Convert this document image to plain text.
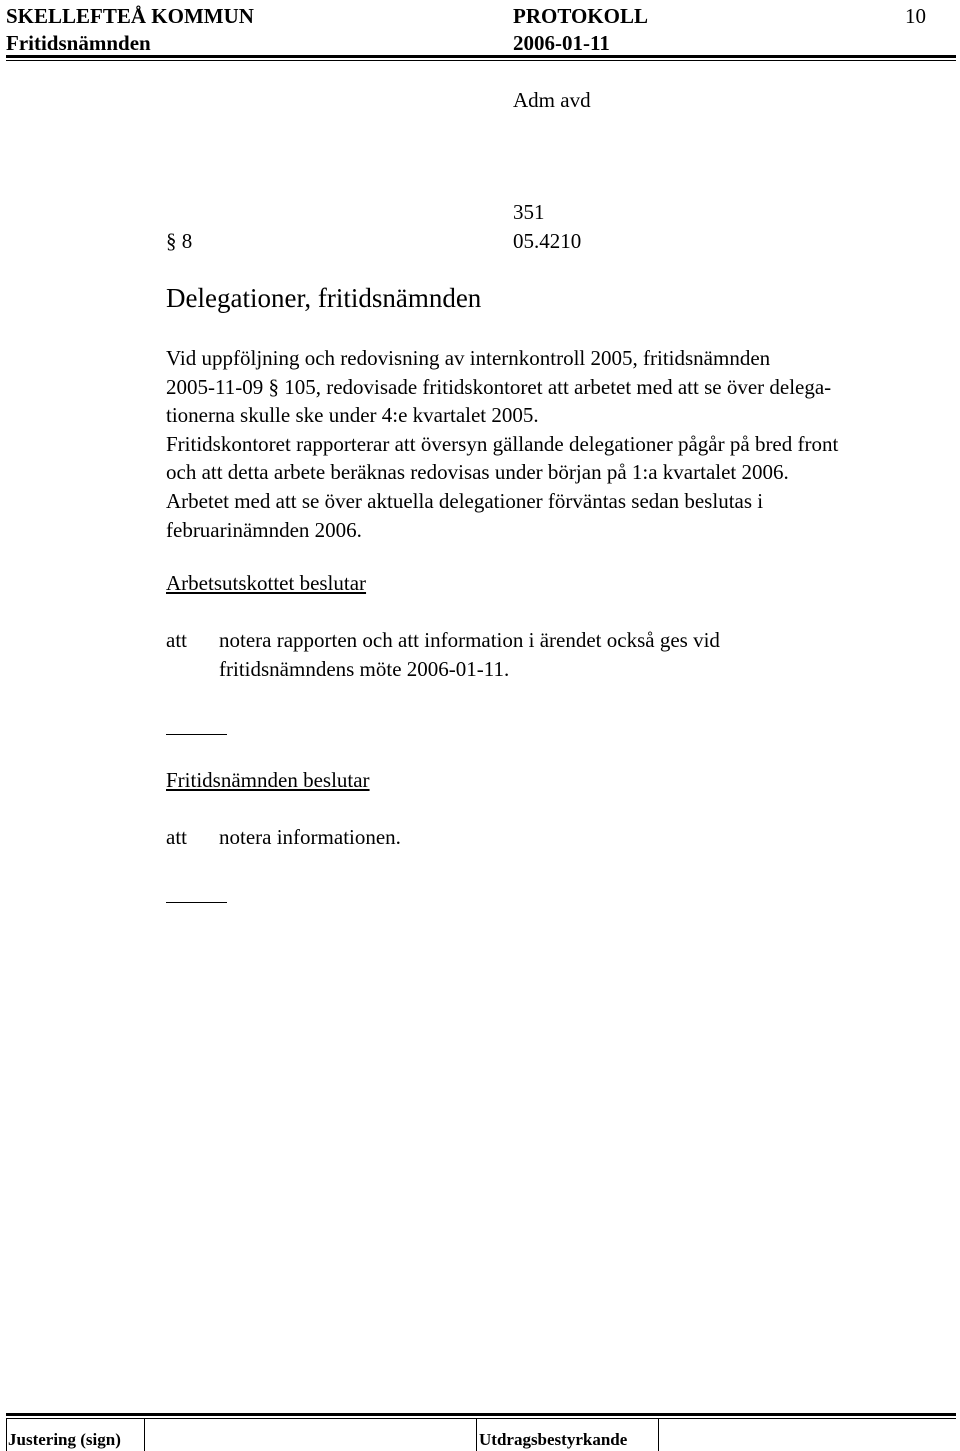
SKELLEFTEÅ KOMMUN	PROTOKOLL	10
Fritidsnämnden	2006-01-11
Adm avd
351
§ 8	05.4210
Delegationer, fritidsnämnden

Vid uppföljning och redovisning av internkontroll 2005, fritidsnämnden

2005-11-09 § 105, redovisade fritidskontoret att arbetet med att se över delega-

tionerna skulle ske under 4:e kvartalet 2005.

Fritidskontoret rapporterar att översyn gällande delegationer pågår på bred front

och att detta arbete beräknas redovisas under början på 1:a kvartalet 2006.

Arbetet med att se över aktuella delegationer förväntas sedan beslutas i

februarinämnden 2006.

Arbetsutskottet beslutar
att notera rapporten och att information i ärendet också ges vid
fritidsnämndens möte 2006-01-11.
Fritidsnämnden beslutar
att notera informationen.
Justering (sign)	Utdragsbestyrkande
